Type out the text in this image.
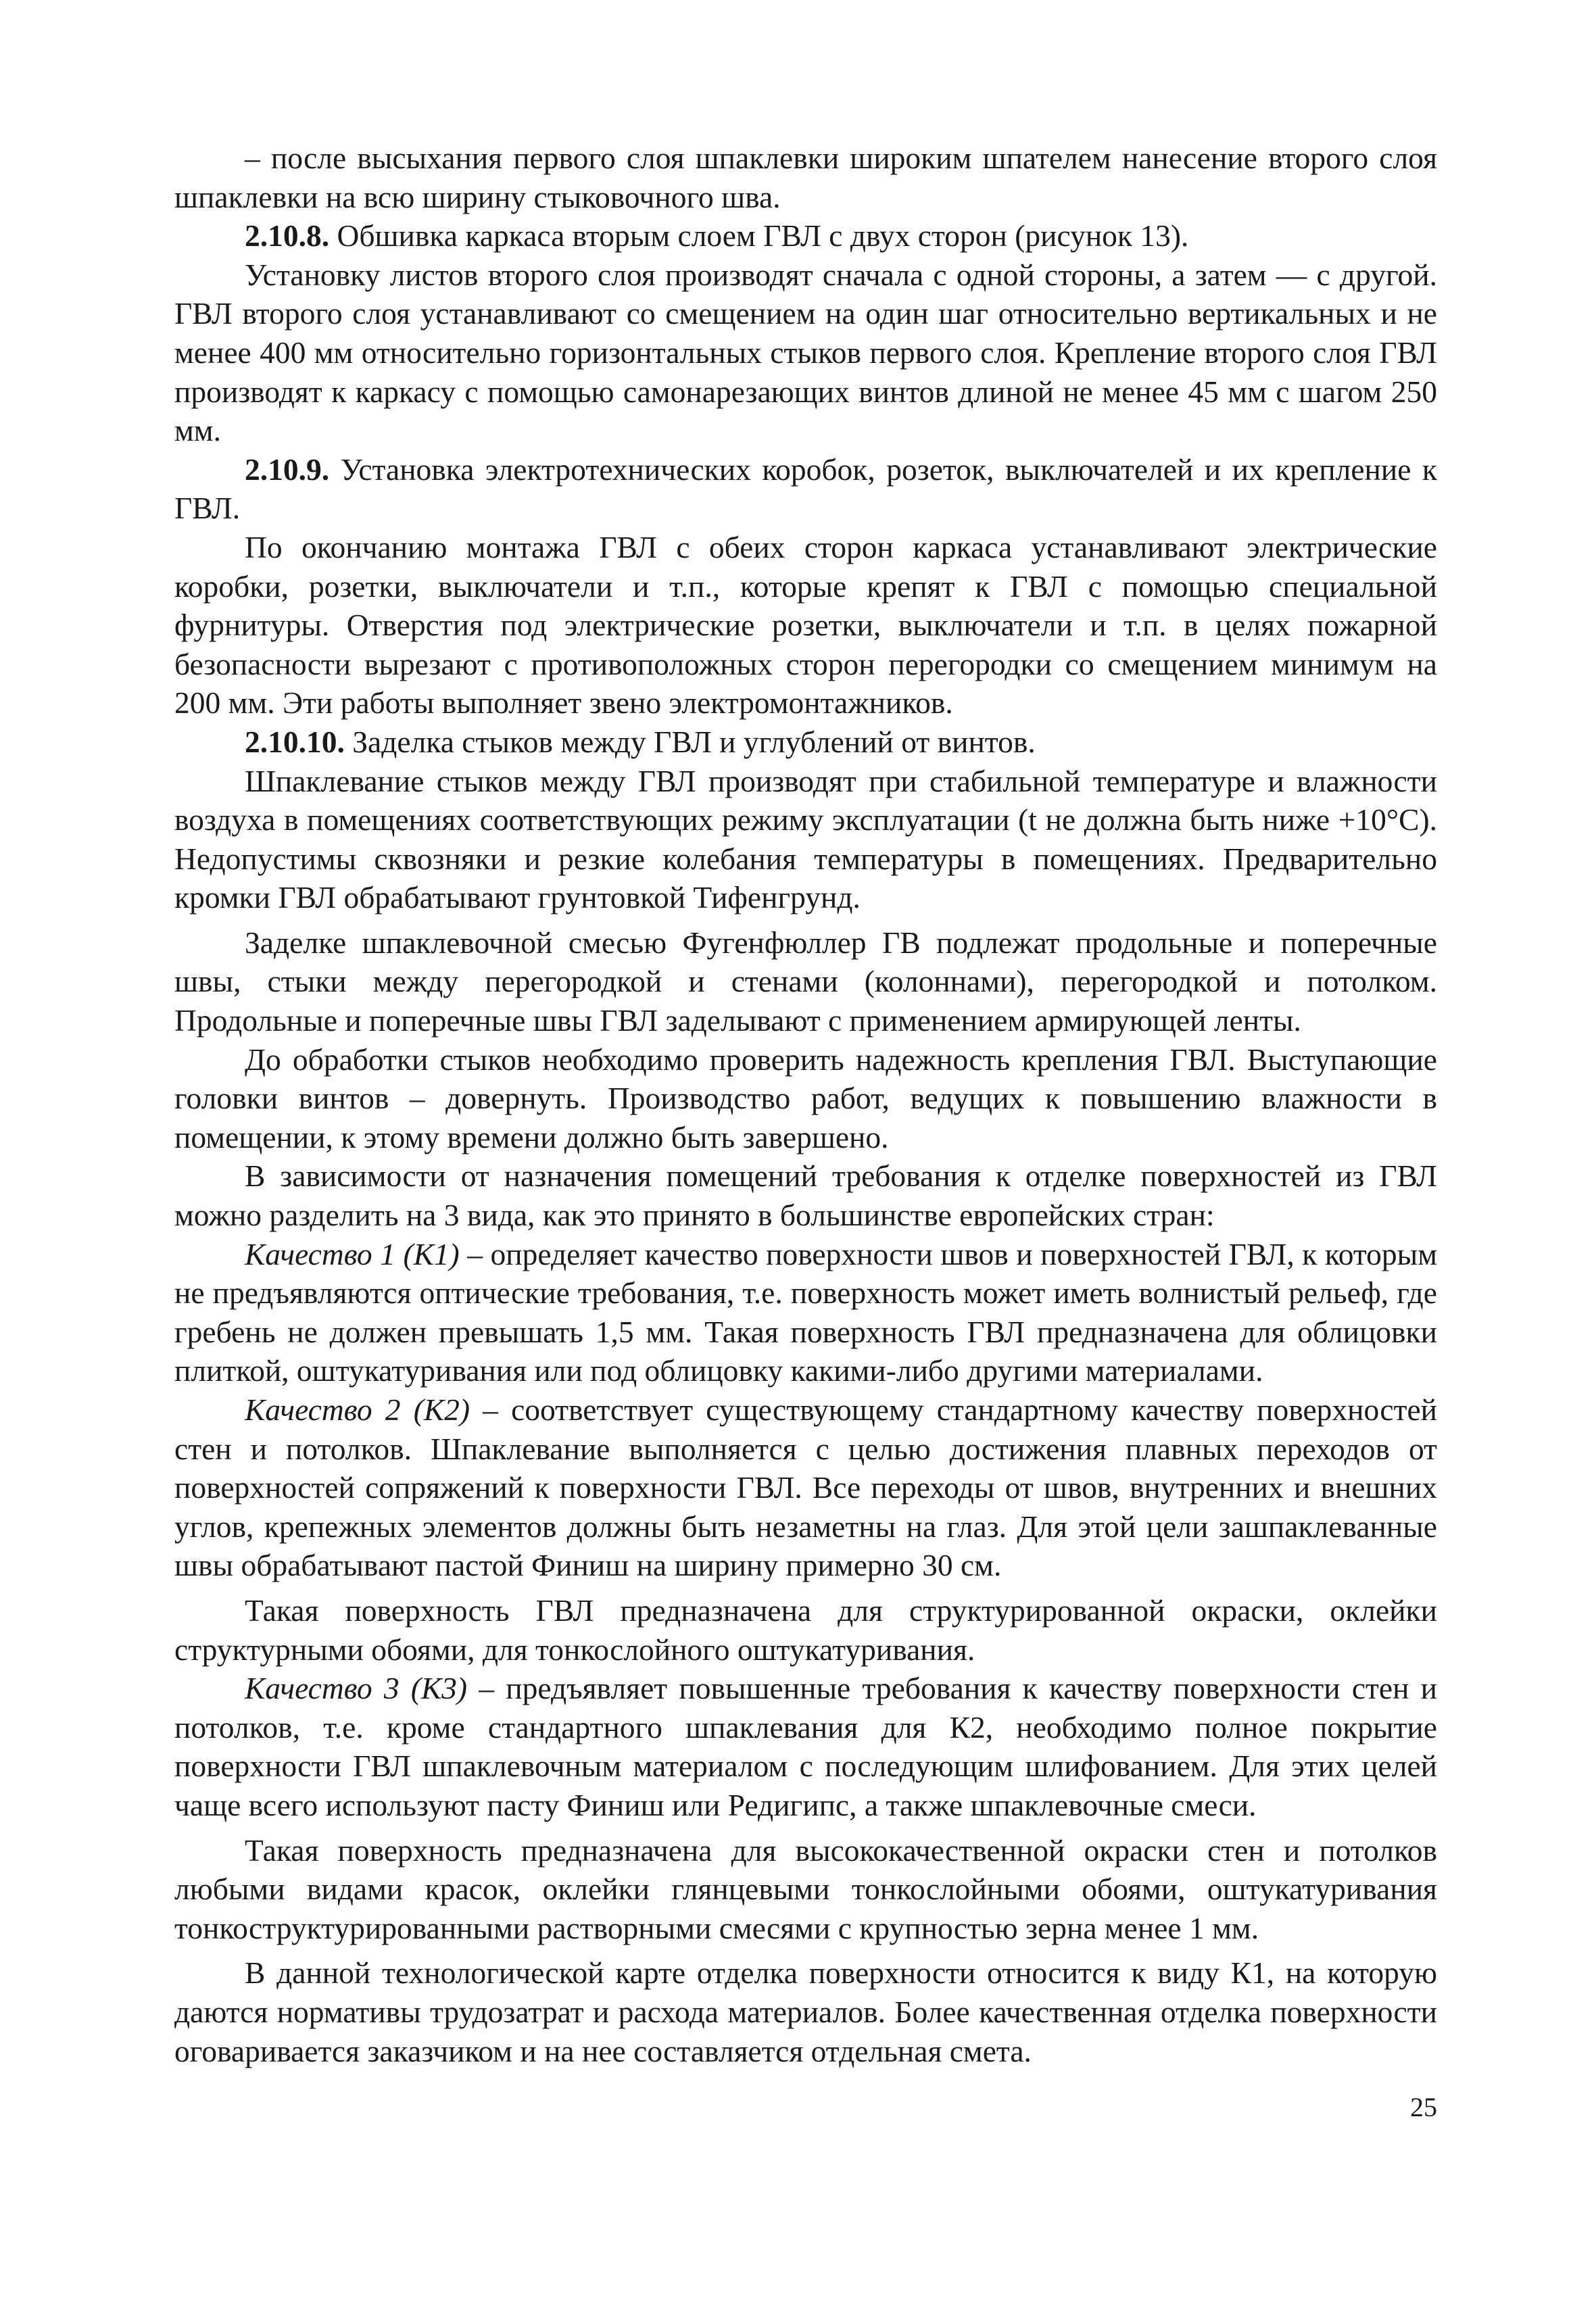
– после высыхания первого слоя шпаклевки широким шпателем нанесение второго слоя шпаклевки на всю ширину стыковочного шва.

2.10.8. Обшивка каркаса вторым слоем ГВЛ с двух сторон (рисунок 13).

Установку листов второго слоя производят сначала с одной стороны, а затем — с другой. ГВЛ второго слоя устанавливают со смещением на один шаг относительно вертикальных и не менее 400 мм относительно горизонтальных стыков первого слоя. Крепление второго слоя ГВЛ производят к каркасу с помощью самонарезающих винтов длиной не менее 45 мм с шагом 250 мм.

2.10.9. Установка электротехнических коробок, розеток, выключателей и их крепление к ГВЛ.

По окончанию монтажа ГВЛ с обеих сторон каркаса устанавливают электрические коробки, розетки, выключатели и т.п., которые крепят к ГВЛ с помощью специальной фурнитуры. Отверстия под электрические розетки, выключатели и т.п. в целях пожарной безопасности вырезают с противоположных сторон перегородки со смещением минимум на 200 мм. Эти работы выполняет звено электромонтажников.

2.10.10. Заделка стыков между ГВЛ и углублений от винтов.

Шпаклевание стыков между ГВЛ производят при стабильной температуре и влажности воздуха в помещениях соответствующих режиму эксплуатации (t не должна быть ниже +10°С). Недопустимы сквозняки и резкие колебания температуры в помещениях. Предварительно кромки ГВЛ обрабатывают грунтовкой Тифенгрунд.

Заделке шпаклевочной смесью Фугенфюллер ГВ подлежат продольные и поперечные швы, стыки между перегородкой и стенами (колоннами), перегородкой и потолком. Продольные и поперечные швы ГВЛ заделывают с применением армирующей ленты.

До обработки стыков необходимо проверить надежность крепления ГВЛ. Выступающие головки винтов – довернуть. Производство работ, ведущих к повышению влажности в помещении, к этому времени должно быть завершено.

В зависимости от назначения помещений требования к отделке поверхностей из ГВЛ можно разделить на 3 вида, как это принято в большинстве европейских стран:

Качество 1 (К1) – определяет качество поверхности швов и поверхностей ГВЛ, к которым не предъявляются оптические требования, т.е. поверхность может иметь волнистый рельеф, где гребень не должен превышать 1,5 мм. Такая поверхность ГВЛ предназначена для облицовки плиткой, оштукатуривания или под облицовку какими-либо другими материалами.

Качество 2 (К2) – соответствует существующему стандартному качеству поверхностей стен и потолков. Шпаклевание выполняется с целью достижения плавных переходов от поверхностей сопряжений к поверхности ГВЛ. Все переходы от швов, внутренних и внешних углов, крепежных элементов должны быть незаметны на глаз. Для этой цели зашпаклеванные швы обрабатывают пастой Финиш на ширину примерно 30 см.

Такая поверхность ГВЛ предназначена для структурированной окраски, оклейки структурными обоями, для тонкослойного оштукатуривания.

Качество 3 (К3) – предъявляет повышенные требования к качеству поверхности стен и потолков, т.е. кроме стандартного шпаклевания для К2, необходимо полное покрытие поверхности ГВЛ шпаклевочным материалом с последующим шлифованием. Для этих целей чаще всего используют пасту Финиш или Редигипс, а также шпаклевочные смеси.

Такая поверхность предназначена для высококачественной окраски стен и потолков любыми видами красок, оклейки глянцевыми тонкослойными обоями, оштукатуривания тонкоструктурированными растворными смесями с крупностью зерна менее 1 мм.

В данной технологической карте отделка поверхности относится к виду К1, на которую даются нормативы трудозатрат и расхода материалов. Более качественная отделка поверхности оговаривается заказчиком и на нее составляется отдельная смета.

25
